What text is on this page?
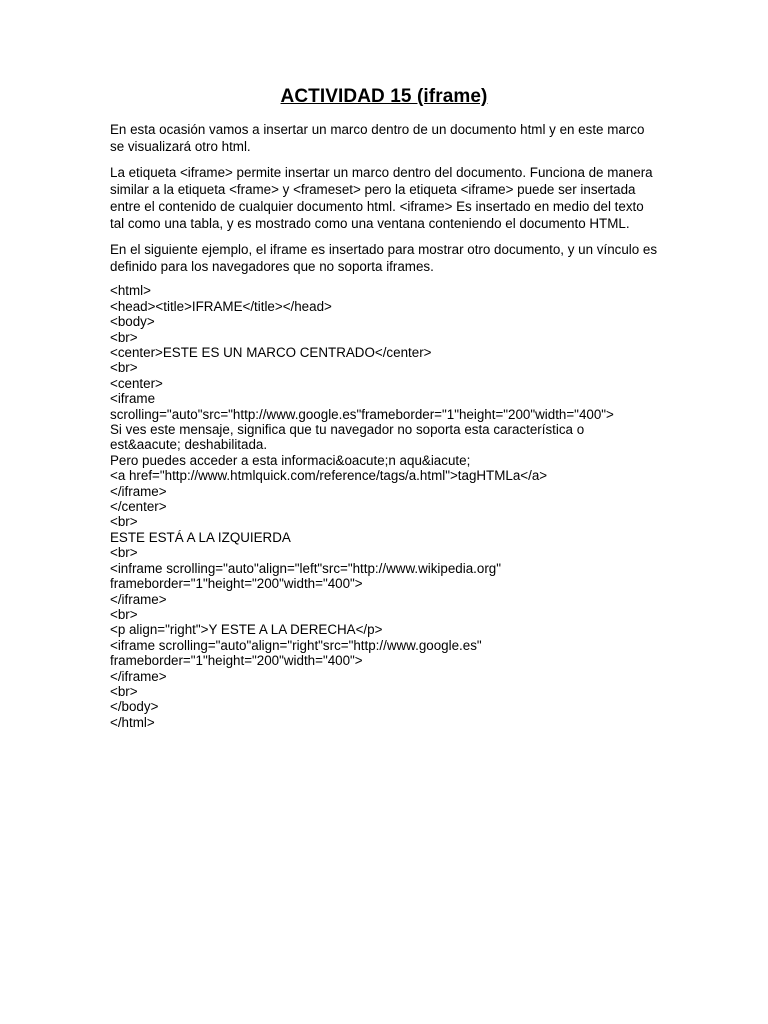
ACTIVIDAD 15 (iframe)

En esta ocasión vamos a insertar un marco dentro de un documento html y en este marco se visualizará otro html.

La etiqueta <iframe> permite insertar un marco dentro del documento. Funciona de manera similar a la etiqueta <frame> y <frameset> pero la etiqueta <iframe> puede ser insertada entre el contenido de cualquier documento html. <iframe> Es insertado en medio del texto tal como una tabla, y es mostrado como una ventana conteniendo el documento HTML.

En el siguiente ejemplo, el iframe es insertado para mostrar otro documento, y un vínculo es definido para los navegadores que no soporta iframes.

<html>
<head><title>IFRAME</title></head>
<body>
<br>
<center>ESTE ES UN MARCO CENTRADO</center>
<br>
<center>
<iframe
scrolling="auto"src="http://www.google.es"frameborder="1"height="200"width="400">
Si ves este mensaje, significa que tu navegador no soporta esta característica o
est&aacute; deshabilitada.
Pero puedes acceder a esta informaci&oacute;n aqu&iacute;
<a href="http://www.htmlquick.com/reference/tags/a.html">tagHTMLa</a>
</iframe>
</center>
<br>
ESTE ESTÁ A LA IZQUIERDA
<br>
<inframe scrolling="auto"align="left"src="http://www.wikipedia.org"
frameborder="1"height="200"width="400">
</iframe>
<br>
<p align="right">Y ESTE A LA DERECHA</p>
<iframe scrolling="auto"align="right"src="http://www.google.es"
frameborder="1"height="200"width="400">
</iframe>
<br>
</body>
</html>
